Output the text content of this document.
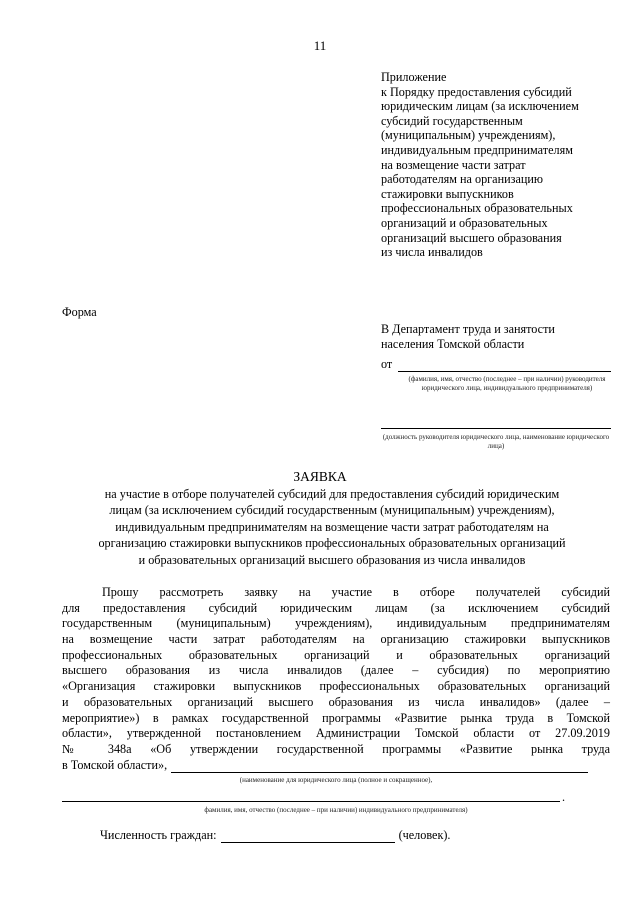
11
Приложение
к Порядку предоставления субсидий
юридическим лицам (за исключением
субсидий государственным
(муниципальным) учреждениям),
индивидуальным предпринимателям
на возмещение части затрат
работодателям на организацию
стажировки выпускников
профессиональных образовательных
организаций и образовательных
организаций высшего образования
из числа инвалидов
Форма
В Департамент труда и занятости
населения Томской области
от
(фамилия, имя, отчество (последнее – при наличии) руководителя юридического лица, индивидуального предпринимателя)
(должность руководителя юридического лица, наименование юридического лица)
ЗАЯВКА
на участие в отборе получателей субсидий для предоставления субсидий юридическим
лицам (за исключением субсидий государственным (муниципальным) учреждениям),
индивидуальным предпринимателям на возмещение части затрат работодателям на
организацию стажировки выпускников профессиональных образовательных организаций
и образовательных организаций высшего образования из числа инвалидов
Прошу рассмотреть заявку на участие в отборе получателей субсидий
для предоставления субсидий юридическим лицам (за исключением субсидий
государственным (муниципальным) учреждениям), индивидуальным предпринимателям
на возмещение части затрат работодателям на организацию стажировки выпускников
профессиональных образовательных организаций и образовательных организаций
высшего образования из числа инвалидов (далее – субсидия) по мероприятию
«Организация стажировки выпускников профессиональных образовательных организаций
и образовательных организаций высшего образования из числа инвалидов» (далее –
мероприятие») в рамках государственной программы «Развитие рынка труда в Томской
области», утвержденной постановлением Администрации Томской области от 27.09.2019
№ 348а «Об утверждении государственной программы «Развитие рынка труда
в Томской области»,
(наименование для юридического лица (полное и сокращенное),
.
фамилия, имя, отчество (последнее – при наличии) индивидуального предпринимателя)
Численность граждан:	(человек).
